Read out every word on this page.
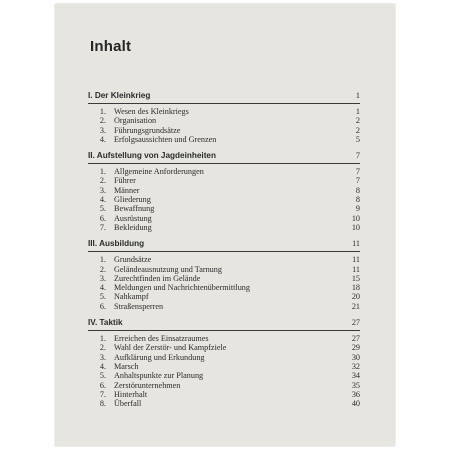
Inhalt
I. Der Kleinkrieg	1
1. Wesen des Kleinkriegs	1
2. Organisation	2
3. Führungsgrundsätze	2
4. Erfolgsaussichten und Grenzen	5
II. Aufstellung von Jagdeinheiten	7
1. Allgemeine Anforderungen	7
2. Führer	7
3. Männer	8
4. Gliederung	8
5. Bewaffnung	9
6. Ausrüstung	10
7. Bekleidung	10
III. Ausbildung	11
1. Grundsätze	11
2. Geländeausnutzung und Tarnung	11
3. Zurechtfinden im Gelände	15
4. Meldungen und Nachrichtenübermittlung	18
5. Nahkampf	20
6. Straßensperren	21
IV. Taktik	27
1. Erreichen des Einsatzraumes	27
2. Wahl der Zerstör- und Kampfziele	29
3. Aufklärung und Erkundung	30
4. Marsch	32
5. Anhaltspunkte zur Planung	34
6. Zerstörunternehmen	35
7. Hinterhalt	36
8. Überfall	40
